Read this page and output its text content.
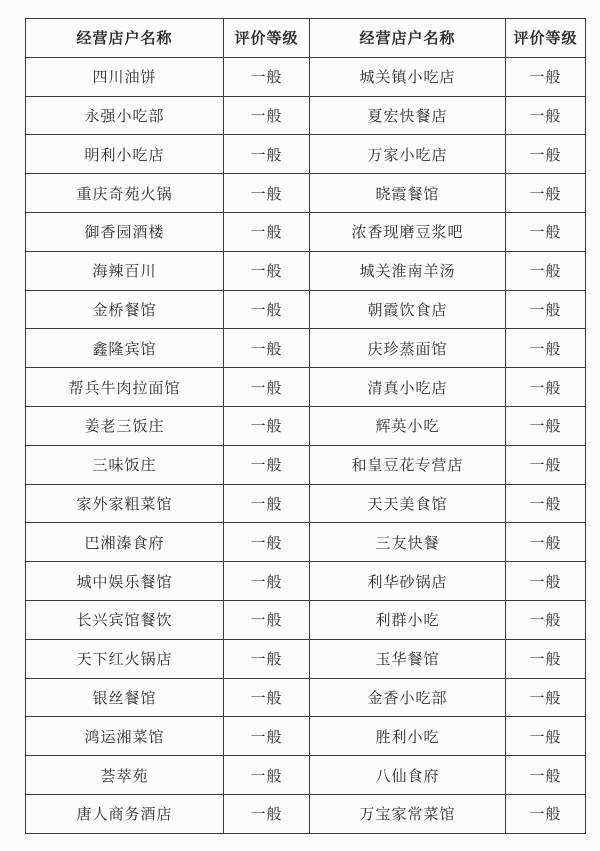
经营店户名称	评价等级	经营店户名称	评价等级
四川油饼	一般	城关镇小吃店	一般
永强小吃部	一般	夏宏快餐店	一般
明利小吃店	一般	万家小吃店	一般
重庆奇苑火锅	一般	晓霞餐馆	一般
御香园酒楼	一般	浓香现磨豆浆吧	一般
海辣百川	一般	城关淮南羊汤	一般
金桥餐馆	一般	朝霞饮食店	一般
鑫隆宾馆	一般	庆珍蒸面馆	一般
帮兵牛肉拉面馆	一般	清真小吃店	一般
姜老三饭庄	一般	辉英小吃	一般
三味饭庄	一般	和皇豆花专营店	一般
家外家粗菜馆	一般	天天美食馆	一般
巴湘溱食府	一般	三友快餐	一般
城中娱乐餐馆	一般	利华砂锅店	一般
长兴宾馆餐饮	一般	利群小吃	一般
天下红火锅店	一般	玉华餐馆	一般
银丝餐馆	一般	金香小吃部	一般
鸿运湘菜馆	一般	胜利小吃	一般
荟萃苑	一般	八仙食府	一般
唐人商务酒店	一般	万宝家常菜馆	一般
